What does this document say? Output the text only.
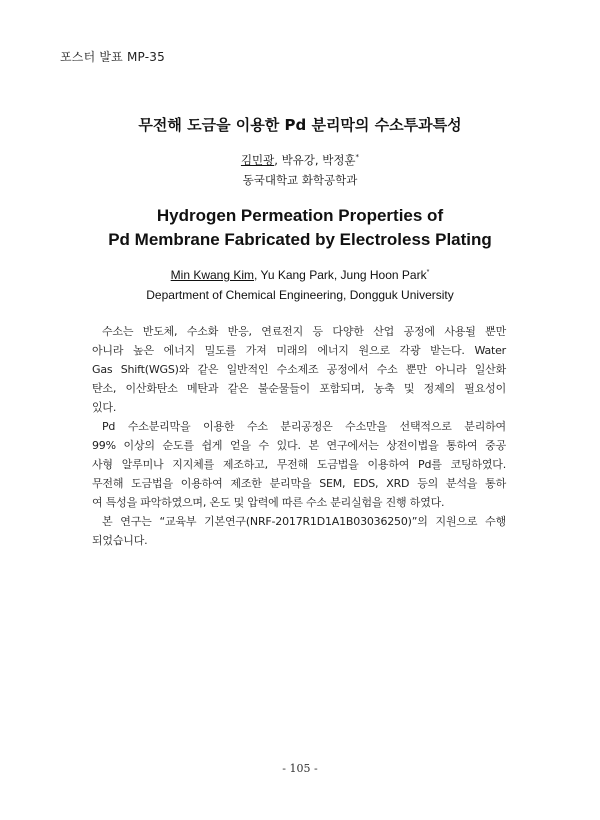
포스터 발표 MP-35
무전해 도금을 이용한 Pd 분리막의 수소투과특성
김민광, 박유강, 박정훈*
동국대학교 화학공학과
Hydrogen Permeation Properties of
Pd Membrane Fabricated by Electroless Plating
Min Kwang Kim, Yu Kang Park, Jung Hoon Park*
Department of Chemical Engineering, Dongguk University
수소는 반도체, 수소화 반응, 연료전지 등 다양한 산업 공정에 사용될 뿐만
아니라 높은 에너지 밀도를 가져 미래의 에너지 원으로 각광 받는다. Water
Gas Shift(WGS)와 같은 일반적인 수소제조 공정에서 수소 뿐만 아니라 일산화
탄소, 이산화탄소 메탄과 같은 불순물들이 포함되며, 농축 및 정제의 필요성이
있다.
Pd 수소분리막을 이용한 수소 분리공정은 수소만을 선택적으로 분리하여
99% 이상의 순도를 쉽게 얻을 수 있다. 본 연구에서는 상전이법을 통하여 중공
사형 알루미나 지지체를 제조하고, 무전해 도금법을 이용하여 Pd를 코팅하였다.
무전해 도금법을 이용하여 제조한 분리막을 SEM, EDS, XRD 등의 분석을 통하
여 특성을 파악하였으며, 온도 및 압력에 따른 수소 분리실험을 진행 하였다.
본 연구는 “교육부 기본연구(NRF-2017R1D1A1B03036250)”의 지원으로 수행
되었습니다.
- 105 -
